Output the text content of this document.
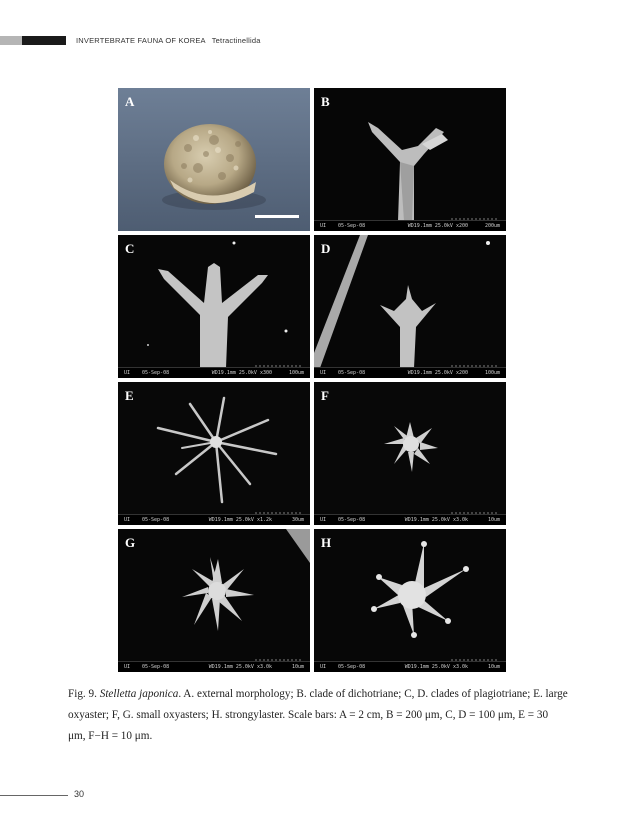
INVERTEBRATE FAUNA OF KOREA Tetractinellida
A	B
UI 05-Sep-08	WD19.1mm 25.0kV x200	200um
C
UI 05-Sep-08	WD19.1mm 25.0kV x300	100um
D
UI 05-Sep-08	WD19.1mm 25.0kV x200	100um
E
UI 05-Sep-08	WD19.1mm 25.0kV x1.2k	30um
F
UI 05-Sep-08	WD19.1mm 25.0kV x3.0k	10um
G
UI 05-Sep-08	WD19.1mm 25.0kV x3.0k	10um
H
UI 05-Sep-08	WD19.1mm 25.0kV x3.0k	10um
Fig. 9. Stelletta japonica. A. external morphology; B. clade of dichotriane; C, D. clades of plagiotriane; E. large oxyaster; F, G. small oxyasters; H. strongylaster. Scale bars: A = 2 cm, B = 200 μm, C, D = 100 μm, E = 30 μm, F−H = 10 μm.
30
